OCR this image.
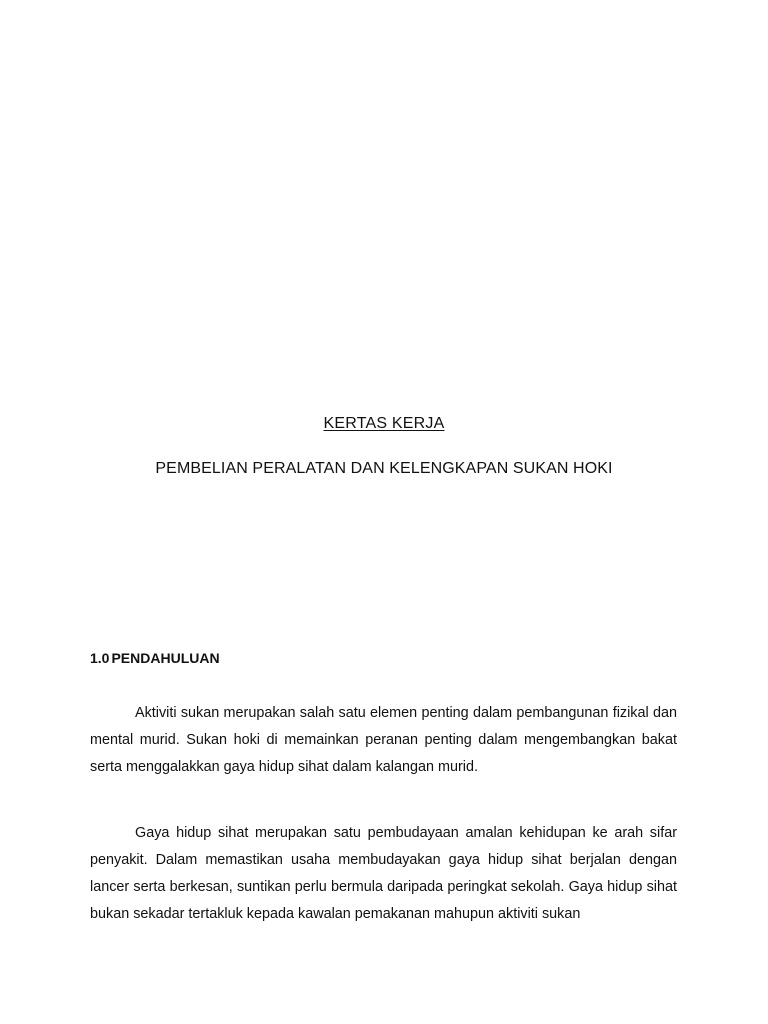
KERTAS KERJA
PEMBELIAN PERALATAN DAN KELENGKAPAN SUKAN HOKI
1.0 PENDAHULUAN

Aktiviti sukan merupakan salah satu elemen penting dalam pembangunan fizikal dan mental murid. Sukan hoki di memainkan peranan penting dalam mengembangkan bakat serta menggalakkan gaya hidup sihat dalam kalangan murid.

Gaya hidup sihat merupakan satu pembudayaan amalan kehidupan ke arah sifar penyakit. Dalam memastikan usaha membudayakan gaya hidup sihat berjalan dengan lancer serta berkesan, suntikan perlu bermula daripada peringkat sekolah. Gaya hidup sihat bukan sekadar tertakluk kepada kawalan pemakanan mahupun aktiviti sukan
